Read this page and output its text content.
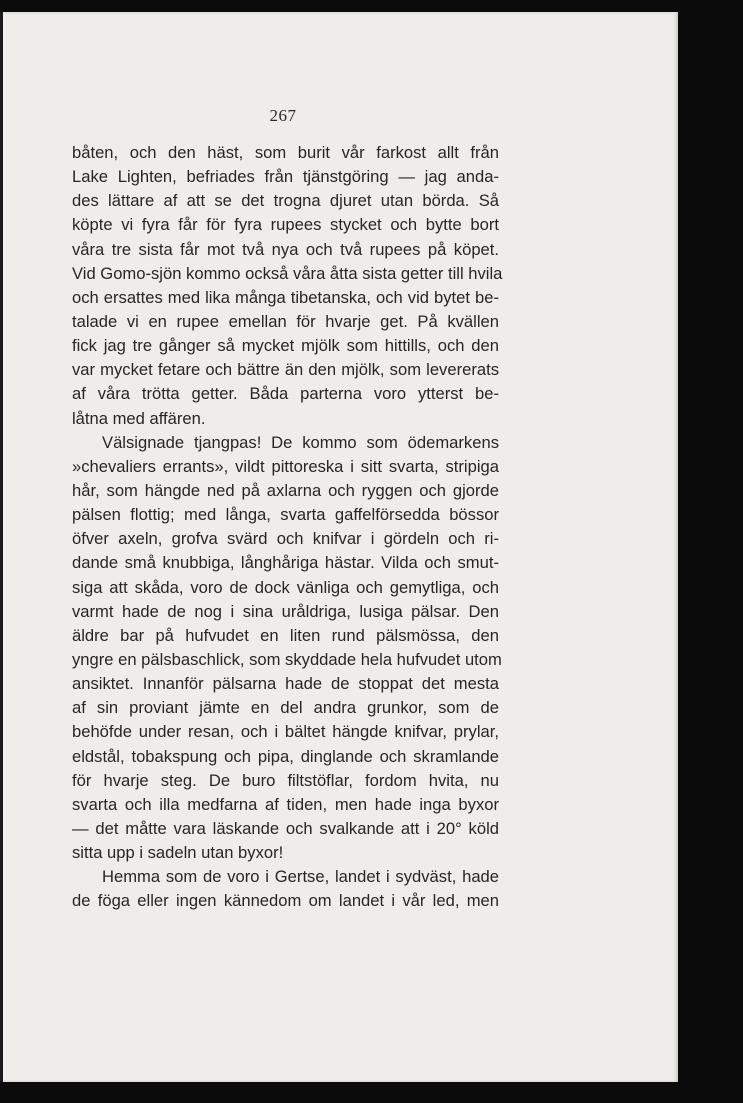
267
båten, och den häst, som burit vår farkost allt från
Lake Lighten, befriades från tjänstgöring — jag anda-
des lättare af att se det trogna djuret utan börda. Så
köpte vi fyra får för fyra rupees stycket och bytte bort
våra tre sista får mot två nya och två rupees på köpet.
Vid Gomo-sjön kommo också våra åtta sista getter till hvila
och ersattes med lika många tibetanska, och vid bytet be-
talade vi en rupee emellan för hvarje get. På kvällen
fick jag tre gånger så mycket mjölk som hittills, och den
var mycket fetare och bättre än den mjölk, som levererats
af våra trötta getter. Båda parterna voro ytterst be-
låtna med affären.
Välsignade tjangpas! De kommo som ödemarkens
»chevaliers errants», vildt pittoreska i sitt svarta, stripiga
hår, som hängde ned på axlarna och ryggen och gjorde
pälsen flottig; med långa, svarta gaffelförsedda bössor
öfver axeln, grofva svärd och knifvar i gördeln och ri-
dande små knubbiga, långhåriga hästar. Vilda och smut-
siga att skåda, voro de dock vänliga och gemytliga, och
varmt hade de nog i sina uråldriga, lusiga pälsar. Den
äldre bar på hufvudet en liten rund pälsmössa, den
yngre en pälsbaschlick, som skyddade hela hufvudet utom
ansiktet. Innanför pälsarna hade de stoppat det mesta
af sin proviant jämte en del andra grunkor, som de
behöfde under resan, och i bältet hängde knifvar, prylar,
eldstål, tobakspung och pipa, dinglande och skramlande
för hvarje steg. De buro filtstöflar, fordom hvita, nu
svarta och illa medfarna af tiden, men hade inga byxor
— det måtte vara läskande och svalkande att i 20° köld
sitta upp i sadeln utan byxor!
Hemma som de voro i Gertse, landet i sydväst, hade
de föga eller ingen kännedom om landet i vår led, men
